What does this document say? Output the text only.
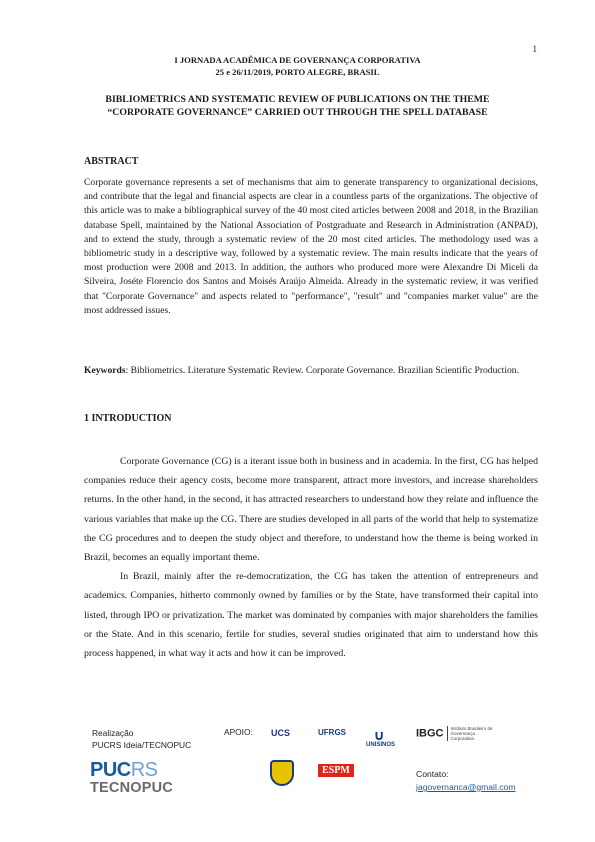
1
I JORNADA ACADÊMICA DE GOVERNANÇA CORPORATIVA
25 e 26/11/2019, PORTO ALEGRE, BRASIL
BIBLIOMETRICS AND SYSTEMATIC REVIEW OF PUBLICATIONS ON THE THEME “CORPORATE GOVERNANCE” CARRIED OUT THROUGH THE SPELL DATABASE
ABSTRACT

Corporate governance represents a set of mechanisms that aim to generate transparency to organizational decisions, and contribute that the legal and financial aspects are clear in a countless parts of the organizations. The objective of this article was to make a bibliographical survey of the 40 most cited articles between 2008 and 2018, in the Brazilian database Spell, maintained by the National Association of Postgraduate and Research in Administration (ANPAD), and to extend the study, through a systematic review of the 20 most cited articles. The methodology used was a bibliometric study in a descriptive way, followed by a systematic review. The main results indicate that the years of most production were 2008 and 2013. In addition, the authors who produced more were Alexandre Di Miceli da Silveira, Joséte Florencio dos Santos and Moisés Araújo Almeida. Already in the systematic review, it was verified that "Corporate Governance" and aspects related to "performance", "result" and "companies market value" are the most addressed issues.

Keywords: Bibliometrics. Literature Systematic Review. Corporate Governance. Brazilian Scientific Production.

1 INTRODUCTION

Corporate Governance (CG) is a iterant issue both in business and in academia. In the first, CG has helped companies reduce their agency costs, become more transparent, attract more investors, and increase shareholders returns. In the other hand, in the second, it has attracted researchers to understand how they relate and influence the various variables that make up the CG. There are studies developed in all parts of the world that help to systematize the CG procedures and to deepen the study object and therefore, to understand how the theme is being worked in Brazil, becomes an equally important theme.

In Brazil, mainly after the re-democratization, the CG has taken the attention of entrepreneurs and academics. Companies, hitherto commonly owned by families or by the State, have transformed their capital into listed, through IPO or privatization. The market was dominated by companies with major shareholders the families or the State. And in this scenario, fertile for studies, several studies originated that aim to understand how this process happened, in what way it acts and how it can be improved.

Realização
PUCRS Ideia/TECNOPUC
PUCRS
TECNOPUC
APOIO: UCS	UFRGS	∪
UNISINOS
IBGC Instituto Brasileiro de Governança Corporativa
ESPM	Contato:
jagovernanca@gmail.com
